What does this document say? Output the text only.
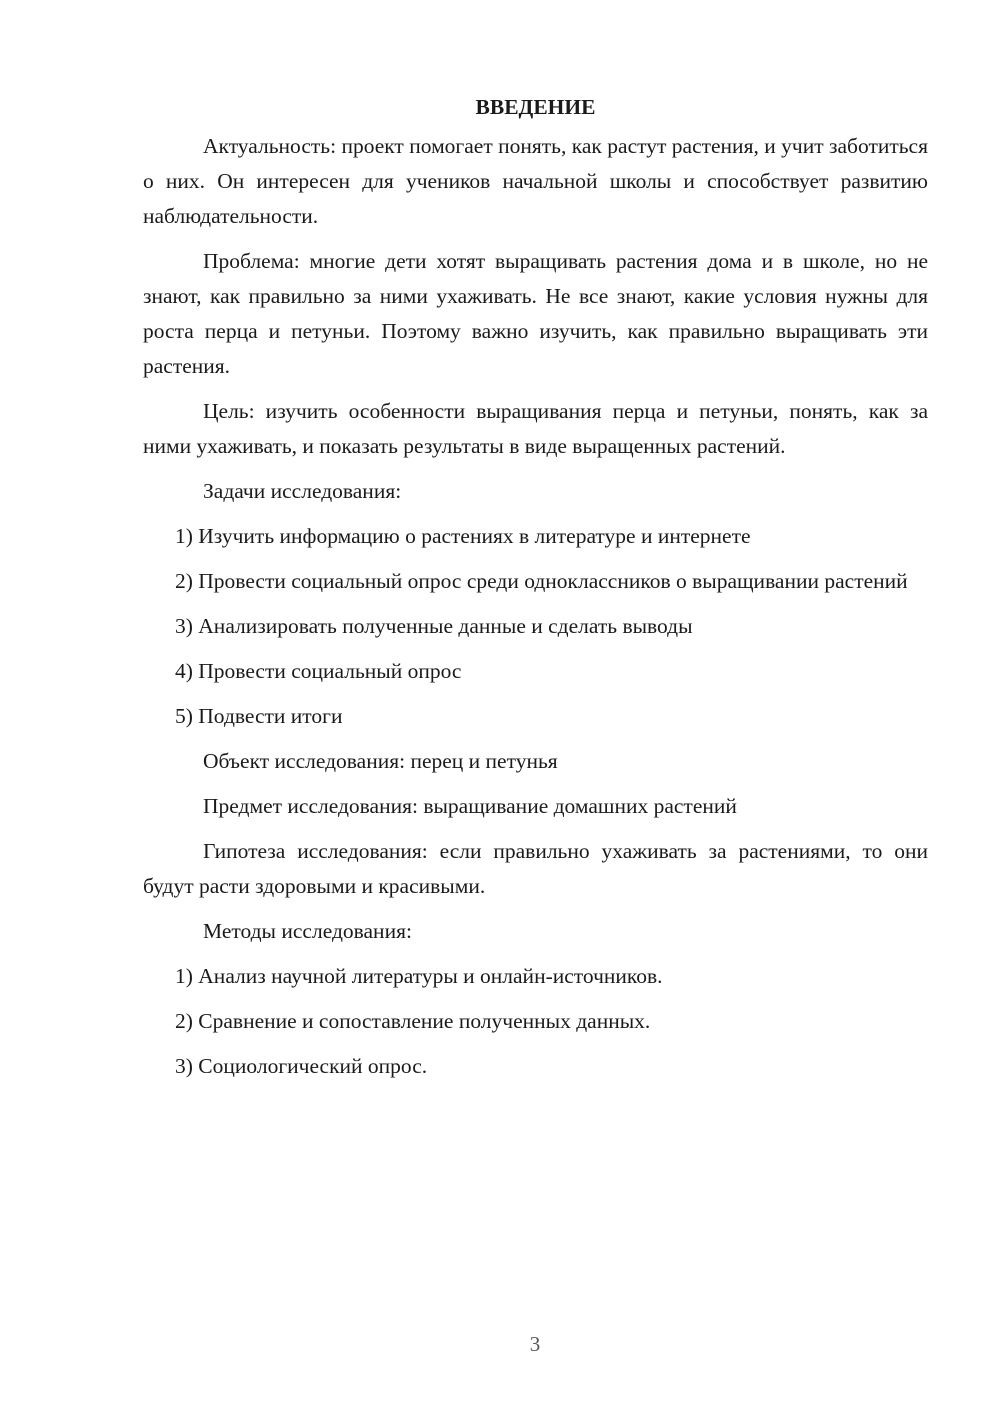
ВВЕДЕНИЕ

Актуальность: проект помогает понять, как растут растения, и учит заботиться о них. Он интересен для учеников начальной школы и способствует развитию наблюдательности.

Проблема: многие дети хотят выращивать растения дома и в школе, но не знают, как правильно за ними ухаживать. Не все знают, какие условия нужны для роста перца и петуньи. Поэтому важно изучить, как правильно выращивать эти растения.

Цель: изучить особенности выращивания перца и петуньи, понять, как за ними ухаживать, и показать результаты в виде выращенных растений.

Задачи исследования:

1) Изучить информацию о растениях в литературе и интернете

2) Провести социальный опрос среди одноклассников о выращивании растений

3) Анализировать полученные данные и сделать выводы

4) Провести социальный опрос

5) Подвести итоги

Объект исследования: перец и петунья

Предмет исследования: выращивание домашних растений

Гипотеза исследования: если правильно ухаживать за растениями, то они будут расти здоровыми и красивыми.

Методы исследования:

1) Анализ научной литературы и онлайн-источников.

2) Сравнение и сопоставление полученных данных.

3) Социологический опрос.

3
